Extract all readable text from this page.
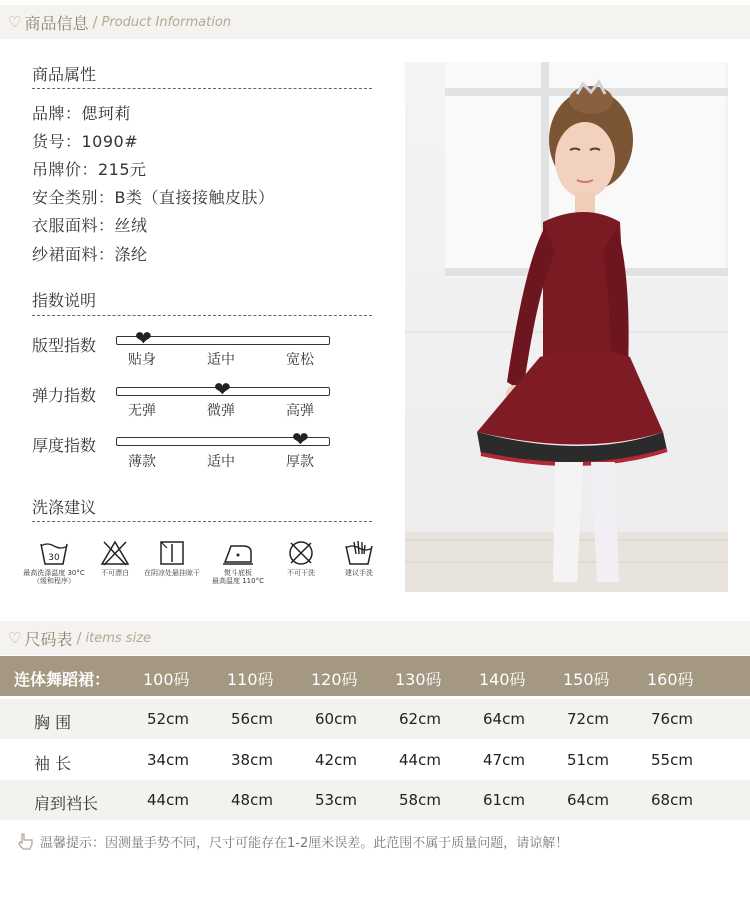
♡ 商品信息 / Product Information
商品属性
品牌：偲珂莉
货号：1090#
吊牌价：215元
安全类别：B类（直接接触皮肤）
衣服面料：丝绒
纱裙面料：涤纶
指数说明
版型指数 ❤
贴身	适中	宽松
弹力指数	❤
无弹	微弹	高弹
厚度指数	❤
薄款	适中	厚款
洗涤建议
30
最高洗涤温度 30°C
（缓和程序）
不可漂白 在阴凉处悬挂晾干	熨斗底板
最高温度 110°C
不可干洗	建议手洗
♡ 尺码表 / items size
连体舞蹈裙： 100码 110码 120码 130码 140码 150码 160码
胸 围	52cm	56cm	60cm	62cm	64cm	72cm	76cm
袖 长	34cm	38cm	42cm	44cm	47cm	51cm	55cm
肩到裆长	44cm	48cm	53cm	58cm	61cm	64cm	68cm
温馨提示：因测量手势不同，尺寸可能存在1-2厘米误差。此范围不属于质量问题，请谅解！
